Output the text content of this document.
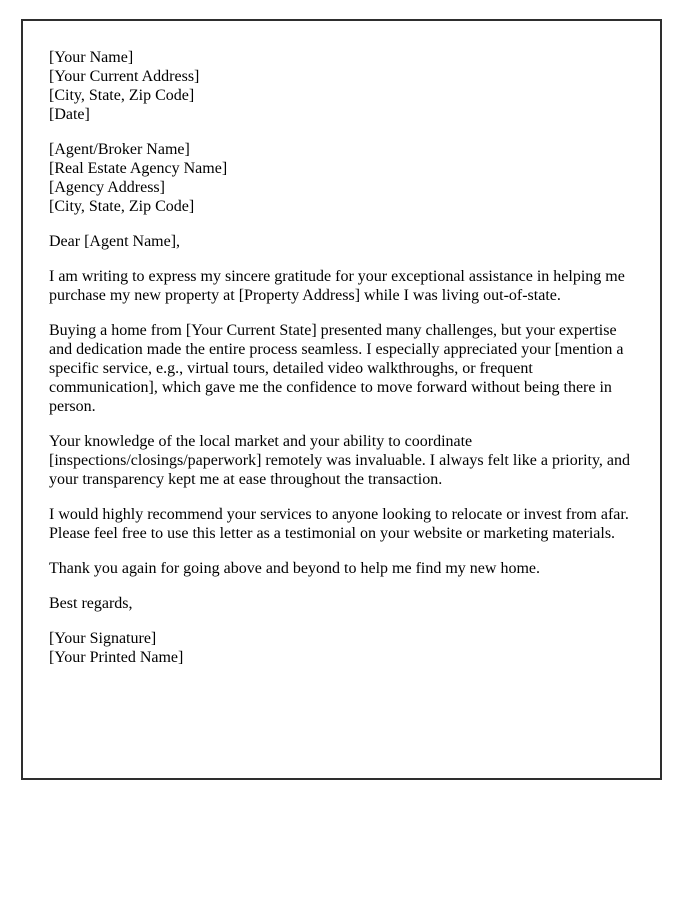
[Your Name]
[Your Current Address]
[City, State, Zip Code]
[Date]
[Agent/Broker Name]
[Real Estate Agency Name]
[Agency Address]
[City, State, Zip Code]

Dear [Agent Name],

I am writing to express my sincere gratitude for your exceptional assistance in helping me purchase my new property at [Property Address] while I was living out-of-state.

Buying a home from [Your Current State] presented many challenges, but your expertise and dedication made the entire process seamless. I especially appreciated your [mention a specific service, e.g., virtual tours, detailed video walkthroughs, or frequent communication], which gave me the confidence to move forward without being there in person.

Your knowledge of the local market and your ability to coordinate [inspections/closings/paperwork] remotely was invaluable. I always felt like a priority, and your transparency kept me at ease throughout the transaction.

I would highly recommend your services to anyone looking to relocate or invest from afar. Please feel free to use this letter as a testimonial on your website or marketing materials.

Thank you again for going above and beyond to help me find my new home.

Best regards,

[Your Signature]
[Your Printed Name]
